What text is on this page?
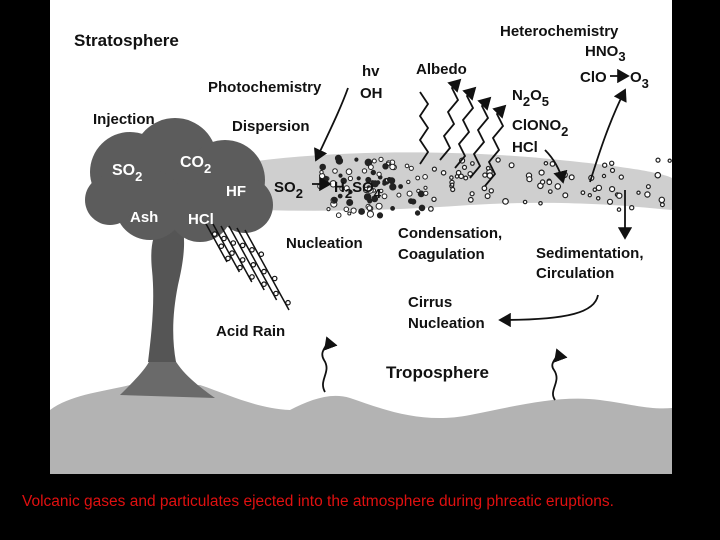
Stratosphere
Troposphere
Heterochemistry
HNO3
ClO O3
N2O5
ClONO2
HCl
Albedo
hv
OH
Photochemistry
Injection	Dispersion
$SO_2$
$CO_2$
HF
Ash HCl
SO2 H2SO4
Nucleation
Condensation,
Coagulation	Sedimentation,
Circulation
Cirrus
Nucleation
Acid Rain
Volcanic gases and particulates ejected into the atmosphere during phreatic eruptions.
